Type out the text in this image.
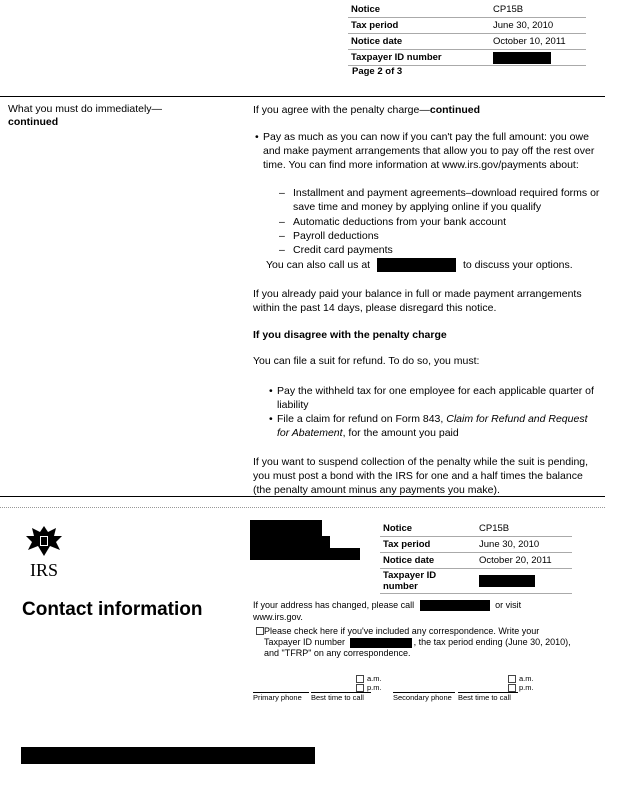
Notice	CP15B
Tax period	June 30, 2010
Notice date	October 10, 2011
Taxpayer ID number	
Page 2 of 3
What you must do immediately—
continued
If you agree with the penalty charge—continued
• Pay as much as you can now if you can't pay the full amount: you owe and make payment arrangements that allow you to pay off the rest over time. You can find more information at www.irs.gov/payments about:
– Installment and payment agreements–download required forms or save time and money by applying online if you qualify
– Automatic deductions from your bank account
– Payroll deductions
– Credit card payments
You can also call us at	to discuss your options.
If you already paid your balance in full or made payment arrangements within the past 14 days, please disregard this notice.
If you disagree with the penalty charge
You can file a suit for refund. To do so, you must:
• Pay the withheld tax for one employee for each applicable quarter of liability
• File a claim for refund on Form 843, Claim for Refund and Request for Abatement, for the amount you paid
If you want to suspend collection of the penalty while the suit is pending, you must post a bond with the IRS for one and a half times the balance (the penalty amount minus any payments you make).
IRS
Notice	CP15B
Tax period	June 30, 2010
Notice date	October 20, 2011
Taxpayer ID number	
Contact information	If your address has changed, please call	or visit
www.irs.gov.
Please check here if you've included any correspondence. Write your Taxpayer ID number	, the tax period ending (June 30, 2010), and "TFRP" on any correspondence.
a.m.
p.m.
a.m.
p.m.
Primary phone Best time to call	Secondary phone Best time to call
